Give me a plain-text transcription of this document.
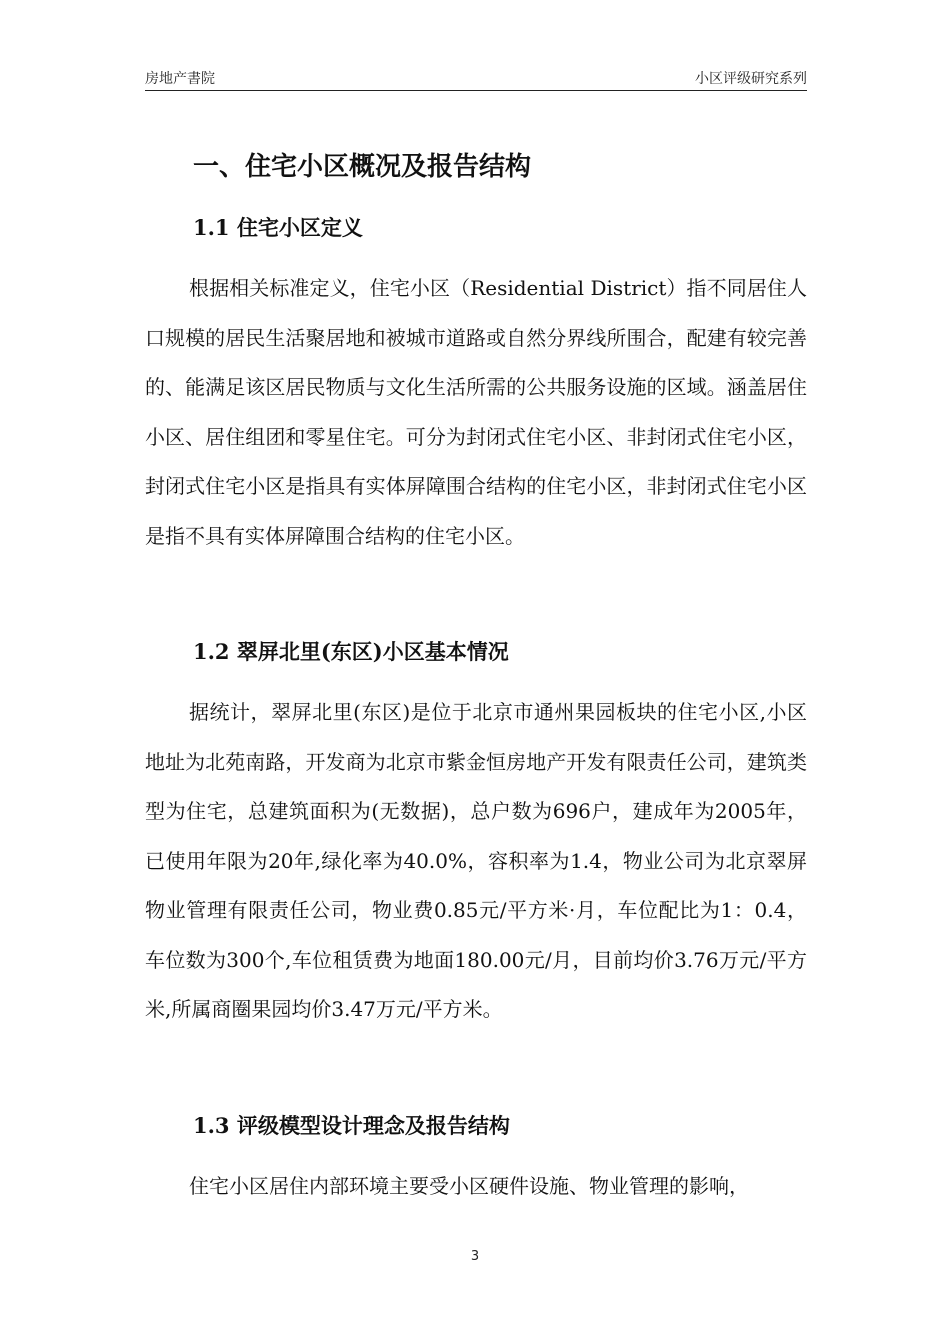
房地产書院	小区评级研究系列
一、住宅小区概况及报告结构
1.1 住宅小区定义

根据相关标准定义，住宅小区（Residential District）指不同居住人口规模的居民生活聚居地和被城市道路或自然分界线所围合，配建有较完善的、能满足该区居民物质与文化生活所需的公共服务设施的区域。涵盖居住小区、居住组团和零星住宅。可分为封闭式住宅小区、非封闭式住宅小区，封闭式住宅小区是指具有实体屏障围合结构的住宅小区，非封闭式住宅小区是指不具有实体屏障围合结构的住宅小区。

1.2 翠屏北里(东区)小区基本情况

据统计，翠屏北里(东区)是位于北京市通州果园板块的住宅小区,小区地址为北苑南路，开发商为北京市紫金恒房地产开发有限责任公司，建筑类型为住宅，总建筑面积为(无数据)，总户数为696户，建成年为2005年，已使用年限为20年,绿化率为40.0%，容积率为1.4，物业公司为北京翠屏物业管理有限责任公司，物业费0.85元/平方米·月，车位配比为1：0.4，车位数为300个,车位租赁费为地面180.00元/月，目前均价3.76万元/平方米,所属商圈果园均价3.47万元/平方米。

1.3 评级模型设计理念及报告结构

住宅小区居住内部环境主要受小区硬件设施、物业管理的影响，

3
